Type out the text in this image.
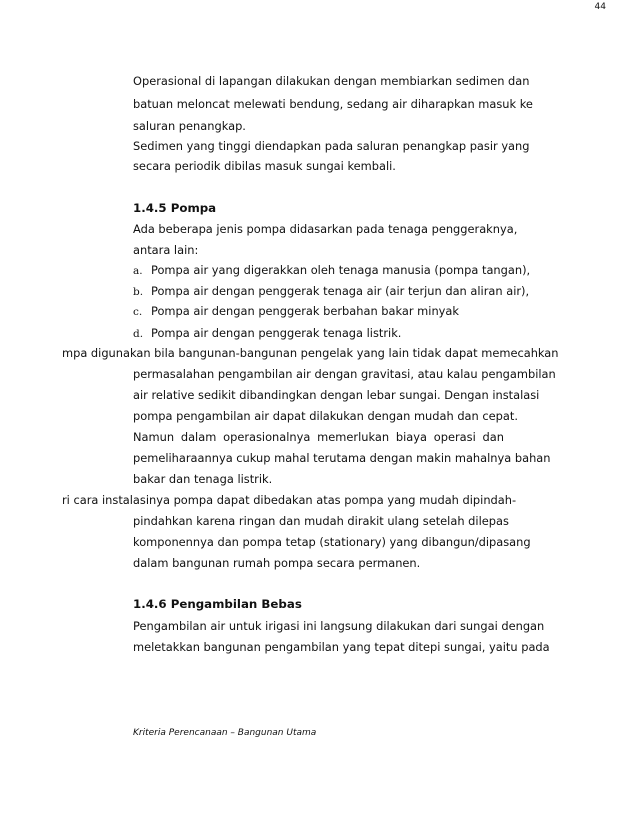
44
Operasional di lapangan dilakukan dengan membiarkan sedimen dan
batuan meloncat melewati bendung, sedang air diharapkan masuk ke
saluran penangkap.
Sedimen yang tinggi diendapkan pada saluran penangkap pasir yang
secara periodik dibilas masuk sungai kembali.
1.4.5 Pompa
Ada beberapa jenis pompa didasarkan pada tenaga penggeraknya,
antara lain:
a. Pompa air yang digerakkan oleh tenaga manusia (pompa tangan),
b. Pompa air dengan penggerak tenaga air (air terjun dan aliran air),
c. Pompa air dengan penggerak berbahan bakar minyak
d. Pompa air dengan penggerak tenaga listrik.
mpa digunakan bila bangunan-bangunan pengelak yang lain tidak dapat memecahkan
permasalahan pengambilan air dengan gravitasi, atau kalau pengambilan
air relative sedikit dibandingkan dengan lebar sungai. Dengan instalasi
pompa pengambilan air dapat dilakukan dengan mudah dan cepat.
Namun dalam operasionalnya memerlukan biaya operasi dan
pemeliharaannya cukup mahal terutama dengan makin mahalnya bahan
bakar dan tenaga listrik.
ri cara instalasinya pompa dapat dibedakan atas pompa yang mudah dipindah-
pindahkan karena ringan dan mudah dirakit ulang setelah dilepas
komponennya dan pompa tetap (stationary) yang dibangun/dipasang
dalam bangunan rumah pompa secara permanen.
1.4.6 Pengambilan Bebas
Pengambilan air untuk irigasi ini langsung dilakukan dari sungai dengan
meletakkan bangunan pengambilan yang tepat ditepi sungai, yaitu pada
Kriteria Perencanaan – Bangunan Utama
